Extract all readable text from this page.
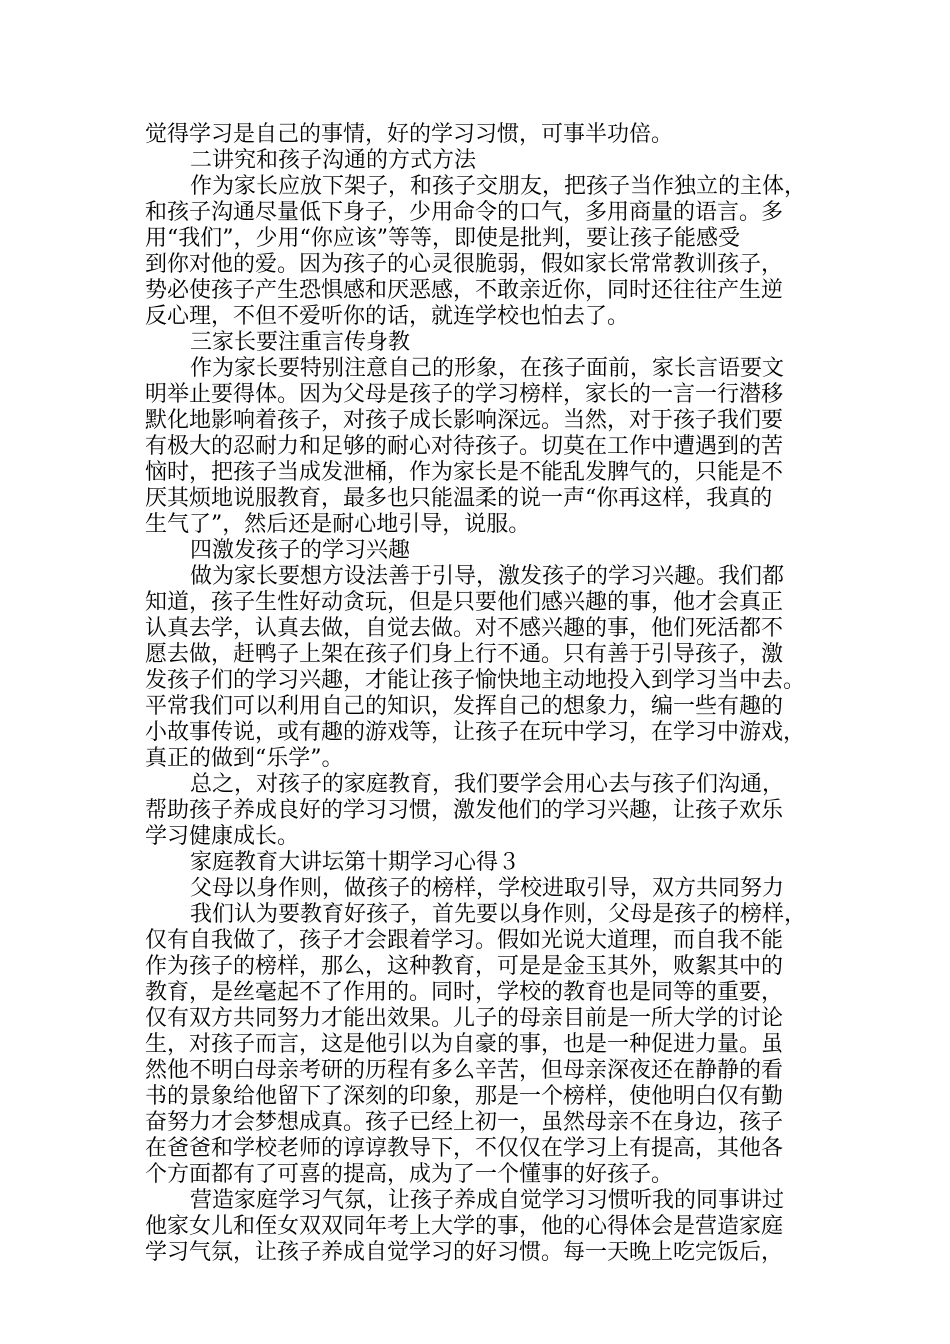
觉得学习是自己的事情，好的学习习惯，可事半功倍。
二讲究和孩子沟通的方式方法
作为家长应放下架子，和孩子交朋友，把孩子当作独立的主体，
和孩子沟通尽量低下身子，少用命令的口气，多用商量的语言。多
用“我们”，少用“你应该”等等，即使是批判，要让孩子能感受
到你对他的爱。因为孩子的心灵很脆弱，假如家长常常教训孩子，
势必使孩子产生恐惧感和厌恶感，不敢亲近你，同时还往往产生逆
反心理，不但不爱听你的话，就连学校也怕去了。
三家长要注重言传身教
作为家长要特别注意自己的形象，在孩子面前，家长言语要文
明举止要得体。因为父母是孩子的学习榜样，家长的一言一行潜移
默化地影响着孩子，对孩子成长影响深远。当然，对于孩子我们要
有极大的忍耐力和足够的耐心对待孩子。切莫在工作中遭遇到的苦
恼时，把孩子当成发泄桶，作为家长是不能乱发脾气的，只能是不
厌其烦地说服教育，最多也只能温柔的说一声“你再这样，我真的
生气了”，然后还是耐心地引导，说服。
四激发孩子的学习兴趣
做为家长要想方设法善于引导，激发孩子的学习兴趣。我们都
知道，孩子生性好动贪玩，但是只要他们感兴趣的事，他才会真正
认真去学，认真去做，自觉去做。对不感兴趣的事，他们死活都不
愿去做，赶鸭子上架在孩子们身上行不通。只有善于引导孩子，激
发孩子们的学习兴趣，才能让孩子愉快地主动地投入到学习当中去。
平常我们可以利用自己的知识，发挥自己的想象力，编一些有趣的
小故事传说，或有趣的游戏等，让孩子在玩中学习，在学习中游戏，
真正的做到“乐学”。
总之，对孩子的家庭教育，我们要学会用心去与孩子们沟通，
帮助孩子养成良好的学习习惯，激发他们的学习兴趣，让孩子欢乐
学习健康成长。
家庭教育大讲坛第十期学习心得３
父母以身作则，做孩子的榜样，学校进取引导，双方共同努力
我们认为要教育好孩子，首先要以身作则，父母是孩子的榜样，
仅有自我做了，孩子才会跟着学习。假如光说大道理，而自我不能
作为孩子的榜样，那么，这种教育，可是是金玉其外，败絮其中的
教育，是丝毫起不了作用的。同时，学校的教育也是同等的重要，
仅有双方共同努力才能出效果。儿子的母亲目前是一所大学的讨论
生，对孩子而言，这是他引以为自豪的事，也是一种促进力量。虽
然他不明白母亲考研的历程有多么辛苦，但母亲深夜还在静静的看
书的景象给他留下了深刻的印象，那是一个榜样，使他明白仅有勤
奋努力才会梦想成真。孩子已经上初一，虽然母亲不在身边，孩子
在爸爸和学校老师的谆谆教导下，不仅仅在学习上有提高，其他各
个方面都有了可喜的提高，成为了一个懂事的好孩子。
营造家庭学习气氛，让孩子养成自觉学习习惯听我的同事讲过
他家女儿和侄女双双同年考上大学的事，他的心得体会是营造家庭
学习气氛，让孩子养成自觉学习的好习惯。每一天晚上吃完饭后，
